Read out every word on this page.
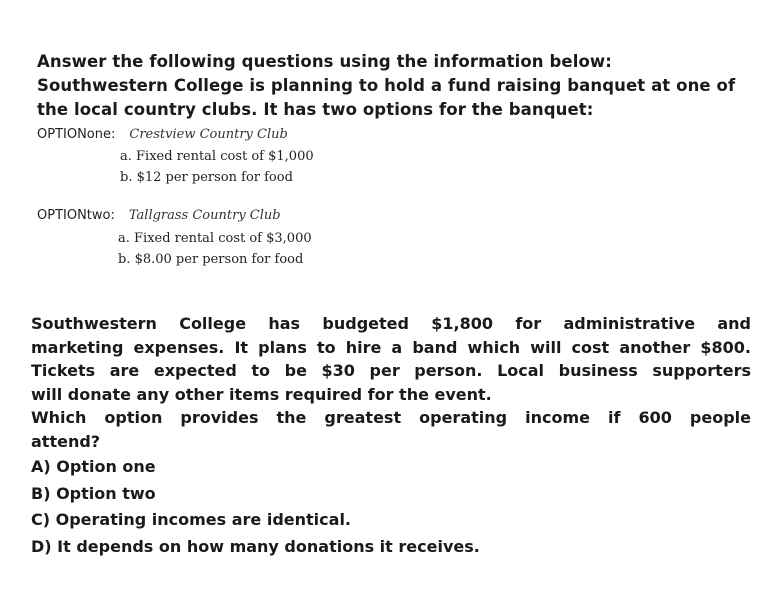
Answer the following questions using the information below:
Southwestern College is planning to hold a fund raising banquet at one of
the local country clubs. It has two options for the banquet:
OPTIONone: Crestview Country Club
a. Fixed rental cost of $1,000
b. $12 per person for food
OPTIONtwo: Tallgrass Country Club
a. Fixed rental cost of $3,000
b. $8.00 per person for food
Southwestern College has budgeted $1,800 for administrative and
marketing expenses. It plans to hire a band which will cost another $800.
Tickets are expected to be $30 per person. Local business supporters
will donate any other items required for the event.
Which option provides the greatest operating income if 600 people
attend?
A) Option one
B) Option two
C) Operating incomes are identical.
D) It depends on how many donations it receives.
